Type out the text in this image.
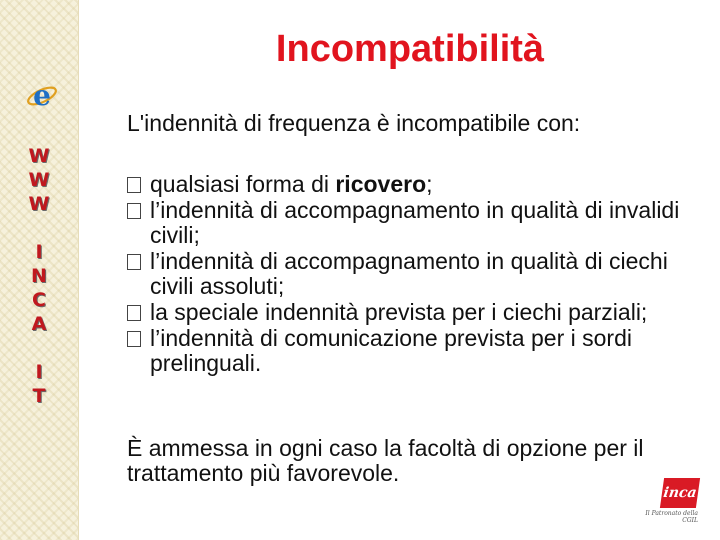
e
W
W
W
I
N
C
A
I
T
Incompatibilità
L'indennità di frequenza è incompatibile con:
qualsiasi forma di ricovero;
l’indennità di accompagnamento in qualità di invalidi civili;
l’indennità di accompagnamento in qualità di ciechi civili assoluti;
la speciale indennità prevista per i ciechi parziali;
l’indennità di comunicazione prevista per i sordi prelinguali.
È ammessa in ogni caso la facoltà di opzione per il trattamento più favorevole.
inca
Il Patronato della CGIL
